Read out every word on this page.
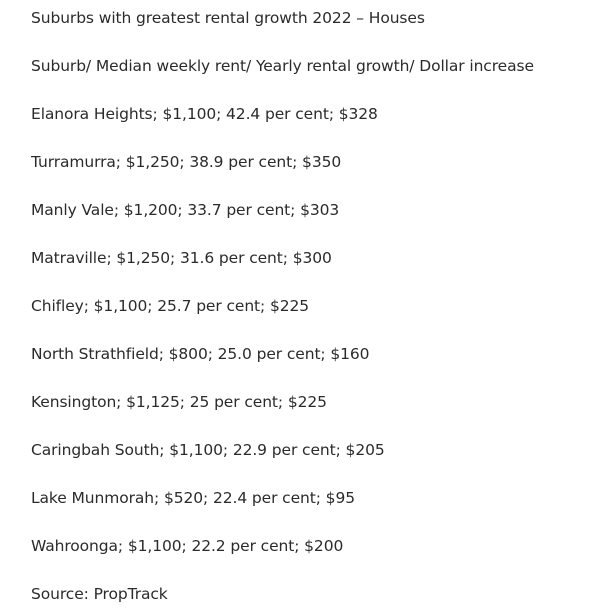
Suburbs with greatest rental growth 2022 – Houses

Suburb/ Median weekly rent/ Yearly rental growth/ Dollar increase

Elanora Heights; $1,100; 42.4 per cent; $328

Turramurra; $1,250; 38.9 per cent; $350

Manly Vale; $1,200; 33.7 per cent; $303

Matraville; $1,250; 31.6 per cent; $300

Chifley; $1,100; 25.7 per cent; $225

North Strathfield; $800; 25.0 per cent; $160

Kensington; $1,125; 25 per cent; $225

Caringbah South; $1,100; 22.9 per cent; $205

Lake Munmorah; $520; 22.4 per cent; $95

Wahroonga; $1,100; 22.2 per cent; $200

Source: PropTrack
